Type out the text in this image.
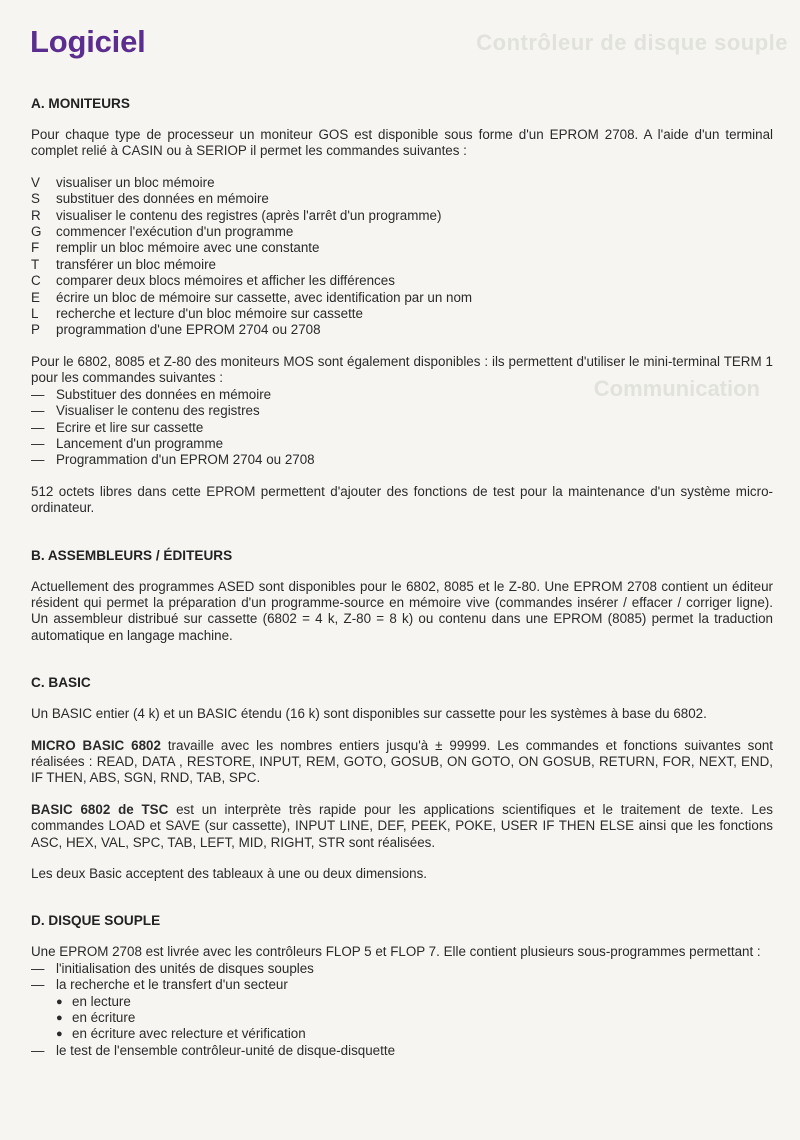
Contrôleur de disque souple
Communication
Logiciel
A. MONITEURS

Pour chaque type de processeur un moniteur GOS est disponible sous forme d'un EPROM 2708. A l'aide d'un terminal complet relié à CASIN ou à SERIOP il permet les commandes suivantes :

V	visualiser un bloc mémoire
S	substituer des données en mémoire
R	visualiser le contenu des registres (après l'arrêt d'un programme)
G	commencer l'exécution d'un programme
F	remplir un bloc mémoire avec une constante
T	transférer un bloc mémoire
C	comparer deux blocs mémoires et afficher les différences
E	écrire un bloc de mémoire sur cassette, avec identification par un nom
L	recherche et lecture d'un bloc mémoire sur cassette
P	programmation d'une EPROM 2704 ou 2708

Pour le 6802, 8085 et Z-80 des moniteurs MOS sont également disponibles : ils permettent d'utiliser le mini-terminal TERM 1 pour les commandes suivantes :

— Substituer des données en mémoire
— Visualiser le contenu des registres
— Ecrire et lire sur cassette
— Lancement d'un programme
— Programmation d'un EPROM 2704 ou 2708

512 octets libres dans cette EPROM permettent d'ajouter des fonctions de test pour la maintenance d'un système micro-ordinateur.

B. ASSEMBLEURS / ÉDITEURS

Actuellement des programmes ASED sont disponibles pour le 6802, 8085 et le Z-80. Une EPROM 2708 contient un éditeur résident qui permet la préparation d'un programme-source en mémoire vive (commandes insérer / effacer / corriger ligne). Un assembleur distribué sur cassette (6802 = 4 k, Z-80 = 8 k) ou contenu dans une EPROM (8085) permet la traduction automatique en langage machine.

C. BASIC

Un BASIC entier (4 k) et un BASIC étendu (16 k) sont disponibles sur cassette pour les systèmes à base du 6802.

MICRO BASIC 6802 travaille avec les nombres entiers jusqu'à ± 99999. Les commandes et fonctions suivantes sont réalisées : READ, DATA , RESTORE, INPUT, REM, GOTO, GOSUB, ON GOTO, ON GOSUB, RETURN, FOR, NEXT, END, IF THEN, ABS, SGN, RND, TAB, SPC.

BASIC 6802 de TSC est un interprète très rapide pour les applications scientifiques et le traitement de texte. Les commandes LOAD et SAVE (sur cassette), INPUT LINE, DEF, PEEK, POKE, USER IF THEN ELSE ainsi que les fonctions ASC, HEX, VAL, SPC, TAB, LEFT, MID, RIGHT, STR sont réalisées.

Les deux Basic acceptent des tableaux à une ou deux dimensions.

D. DISQUE SOUPLE

Une EPROM 2708 est livrée avec les contrôleurs FLOP 5 et FLOP 7. Elle contient plusieurs sous-programmes permettant :

— l'initialisation des unités de disques souples
— la recherche et le transfert d'un secteur
● en lecture
● en écriture
● en écriture avec relecture et vérification
— le test de l'ensemble contrôleur-unité de disque-disquette
